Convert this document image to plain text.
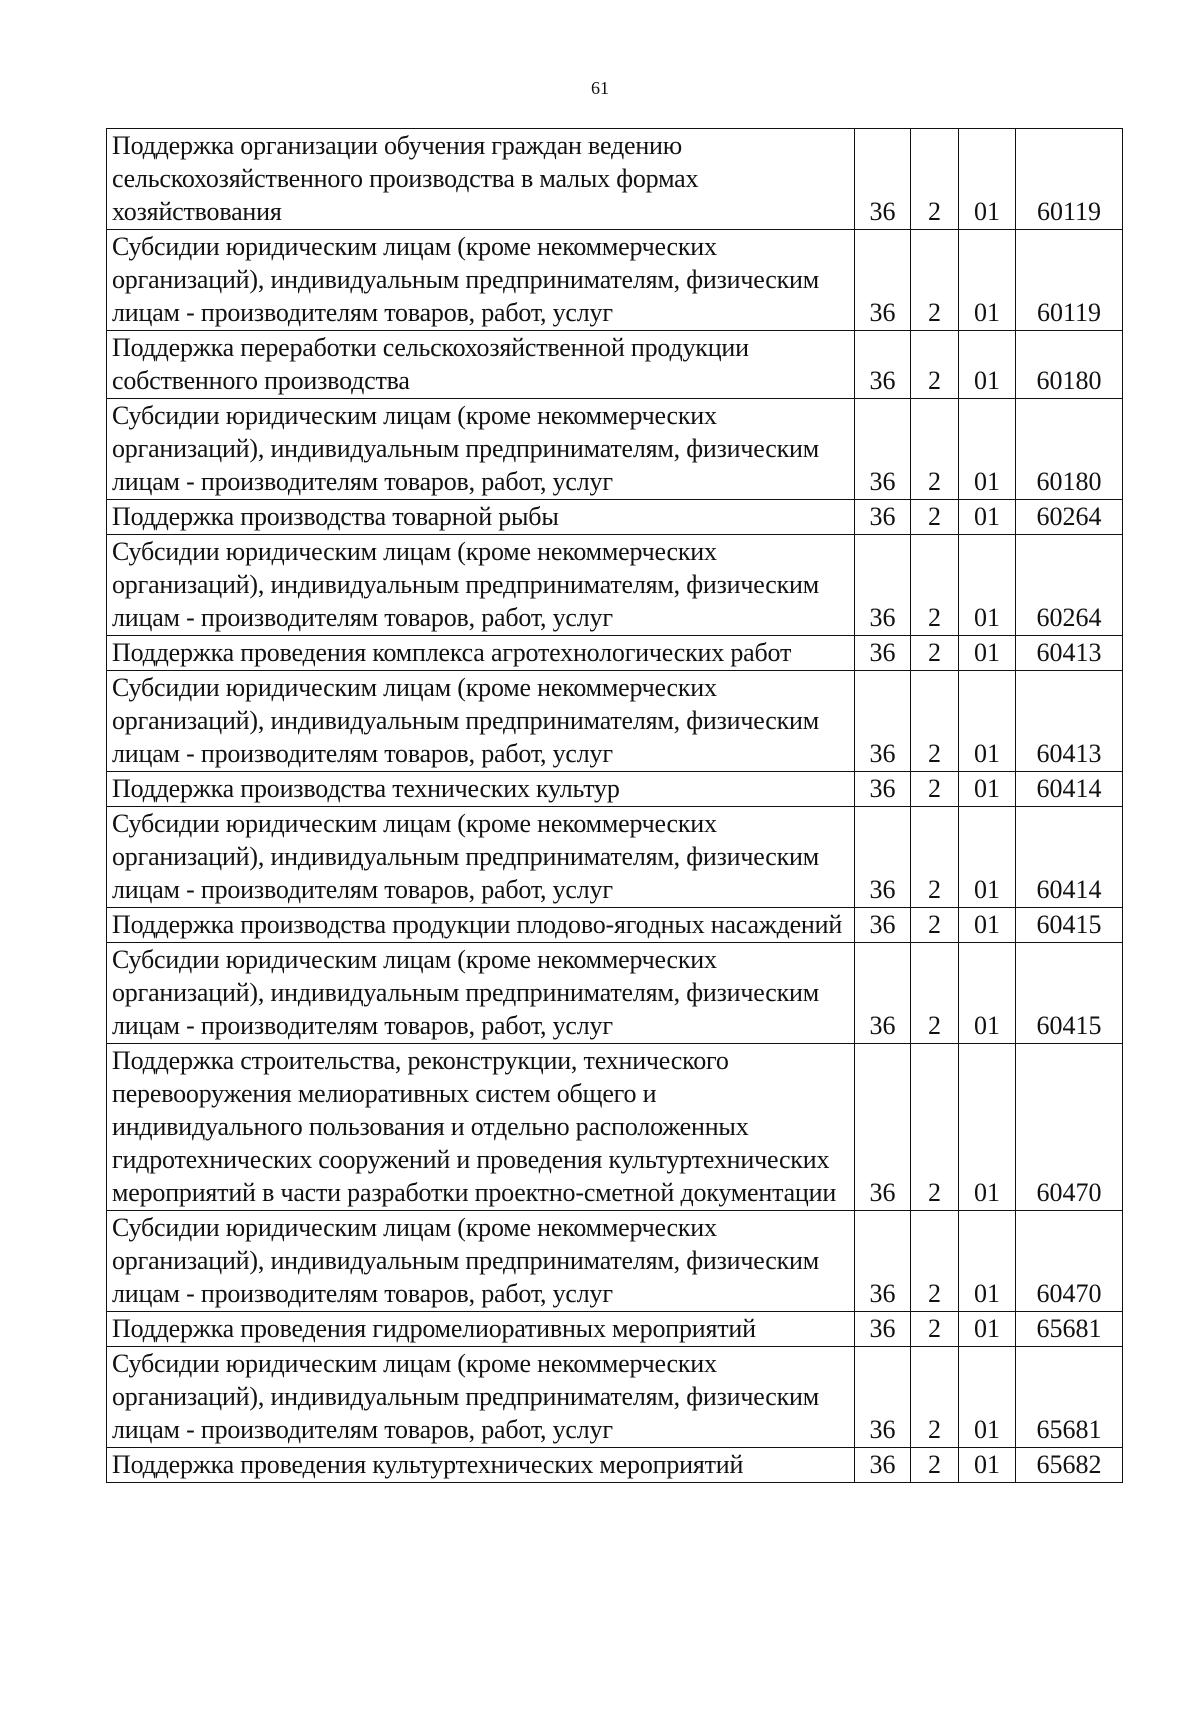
61
Поддержка организации обучения граждан ведению сельскохозяйственного производства в малых формах хозяйствования	36	2	01	60119
Субсидии юридическим лицам (кроме некоммерческих организаций), индивидуальным предпринимателям, физическим лицам - производителям товаров, работ, услуг	36	2	01	60119
Поддержка переработки сельскохозяйственной продукции собственного производства	36	2	01	60180
Субсидии юридическим лицам (кроме некоммерческих организаций), индивидуальным предпринимателям, физическим лицам - производителям товаров, работ, услуг	36	2	01	60180
Поддержка производства товарной рыбы	36	2	01	60264
Субсидии юридическим лицам (кроме некоммерческих организаций), индивидуальным предпринимателям, физическим лицам - производителям товаров, работ, услуг	36	2	01	60264
Поддержка проведения комплекса агротехнологических работ	36	2	01	60413
Субсидии юридическим лицам (кроме некоммерческих организаций), индивидуальным предпринимателям, физическим лицам - производителям товаров, работ, услуг	36	2	01	60413
Поддержка производства технических культур	36	2	01	60414
Субсидии юридическим лицам (кроме некоммерческих организаций), индивидуальным предпринимателям, физическим лицам - производителям товаров, работ, услуг	36	2	01	60414
Поддержка производства продукции плодово-ягодных насаждений	36	2	01	60415
Субсидии юридическим лицам (кроме некоммерческих организаций), индивидуальным предпринимателям, физическим лицам - производителям товаров, работ, услуг	36	2	01	60415
Поддержка строительства, реконструкции, технического перевооружения мелиоративных систем общего и индивидуального пользования и отдельно расположенных гидротехнических сооружений и проведения культуртехнических мероприятий в части разработки проектно-сметной документации	36	2	01	60470
Субсидии юридическим лицам (кроме некоммерческих организаций), индивидуальным предпринимателям, физическим лицам - производителям товаров, работ, услуг	36	2	01	60470
Поддержка проведения гидромелиоративных мероприятий	36	2	01	65681
Субсидии юридическим лицам (кроме некоммерческих организаций), индивидуальным предпринимателям, физическим лицам - производителям товаров, работ, услуг	36	2	01	65681
Поддержка проведения культуртехнических мероприятий	36	2	01	65682
